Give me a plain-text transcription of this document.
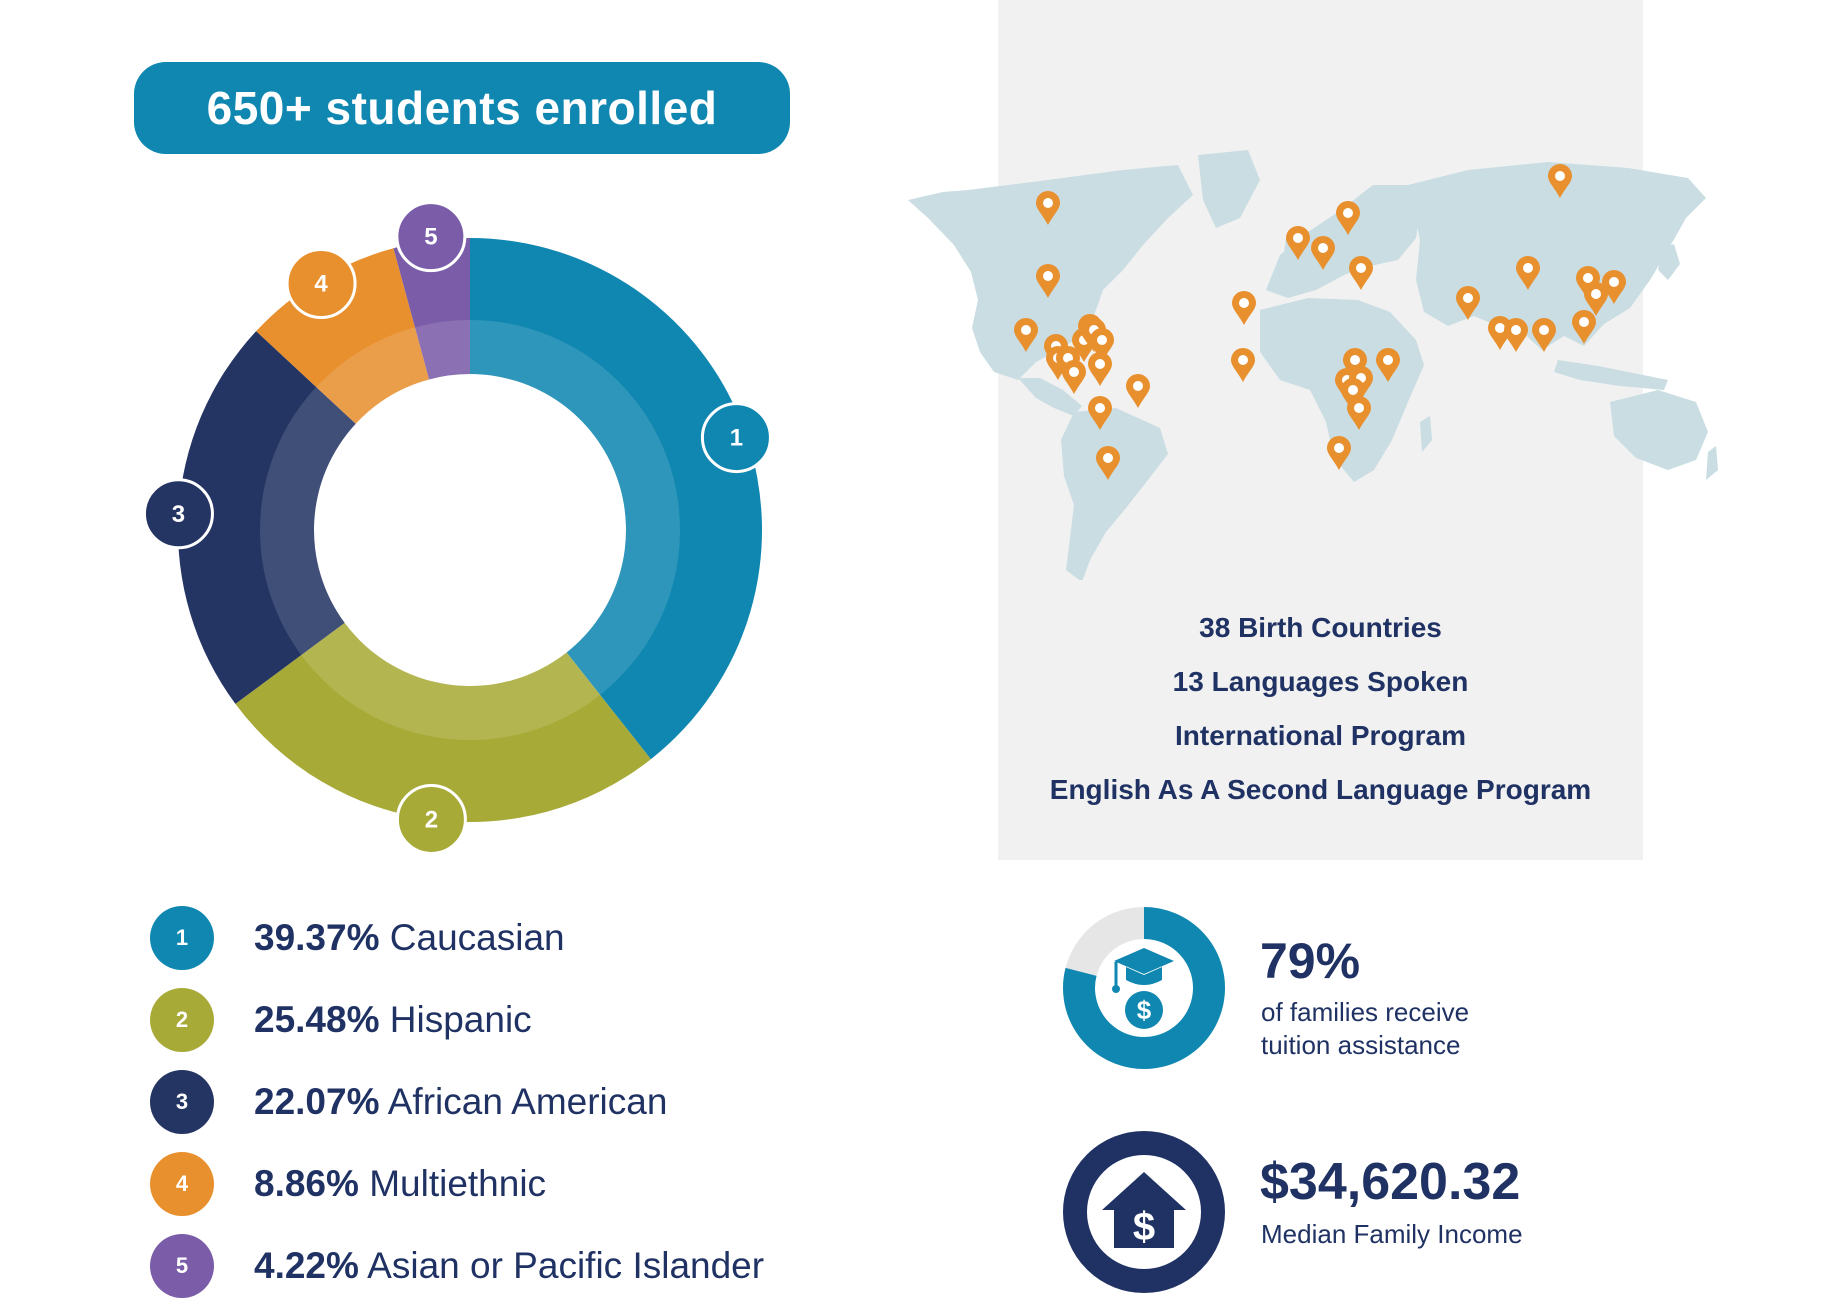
650+ students enrolled
1
2
3
4
5
1	39.37% Caucasian
2	25.48% Hispanic
3	22.07% African American
4	8.86% Multiethnic
5	4.22% Asian or Pacific Islander
38 Birth Countries
13 Languages Spoken
International Program
English As A Second Language Program
$
79%
of families receive
tuition assistance
$
$34,620.32
Median Family Income
